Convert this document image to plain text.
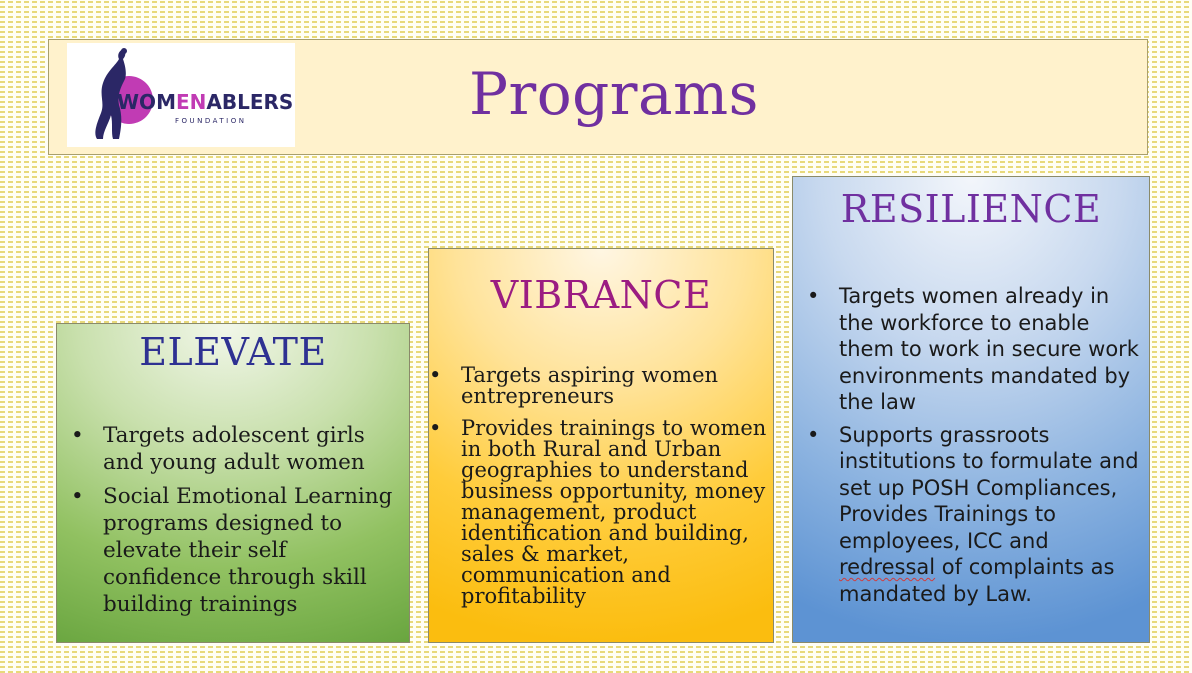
WOMENABLERS
FOUNDATION	Programs
ELEVATE
• Targets adolescent girls and young adult women
• Social Emotional Learning programs designed to elevate their self confidence through skill building trainings
VIBRANCE
• Targets aspiring women entrepreneurs
• Provides trainings to women in both Rural and Urban geographies to understand business opportunity, money management, product identification and building, sales & market, communication and profitability
RESILIENCE
• Targets women already in the workforce to enable them to work in secure work environments mandated by the law
• Supports grassroots institutions to formulate and set up POSH Compliances, Provides Trainings to employees, ICC and redressal of complaints as mandated by Law.
